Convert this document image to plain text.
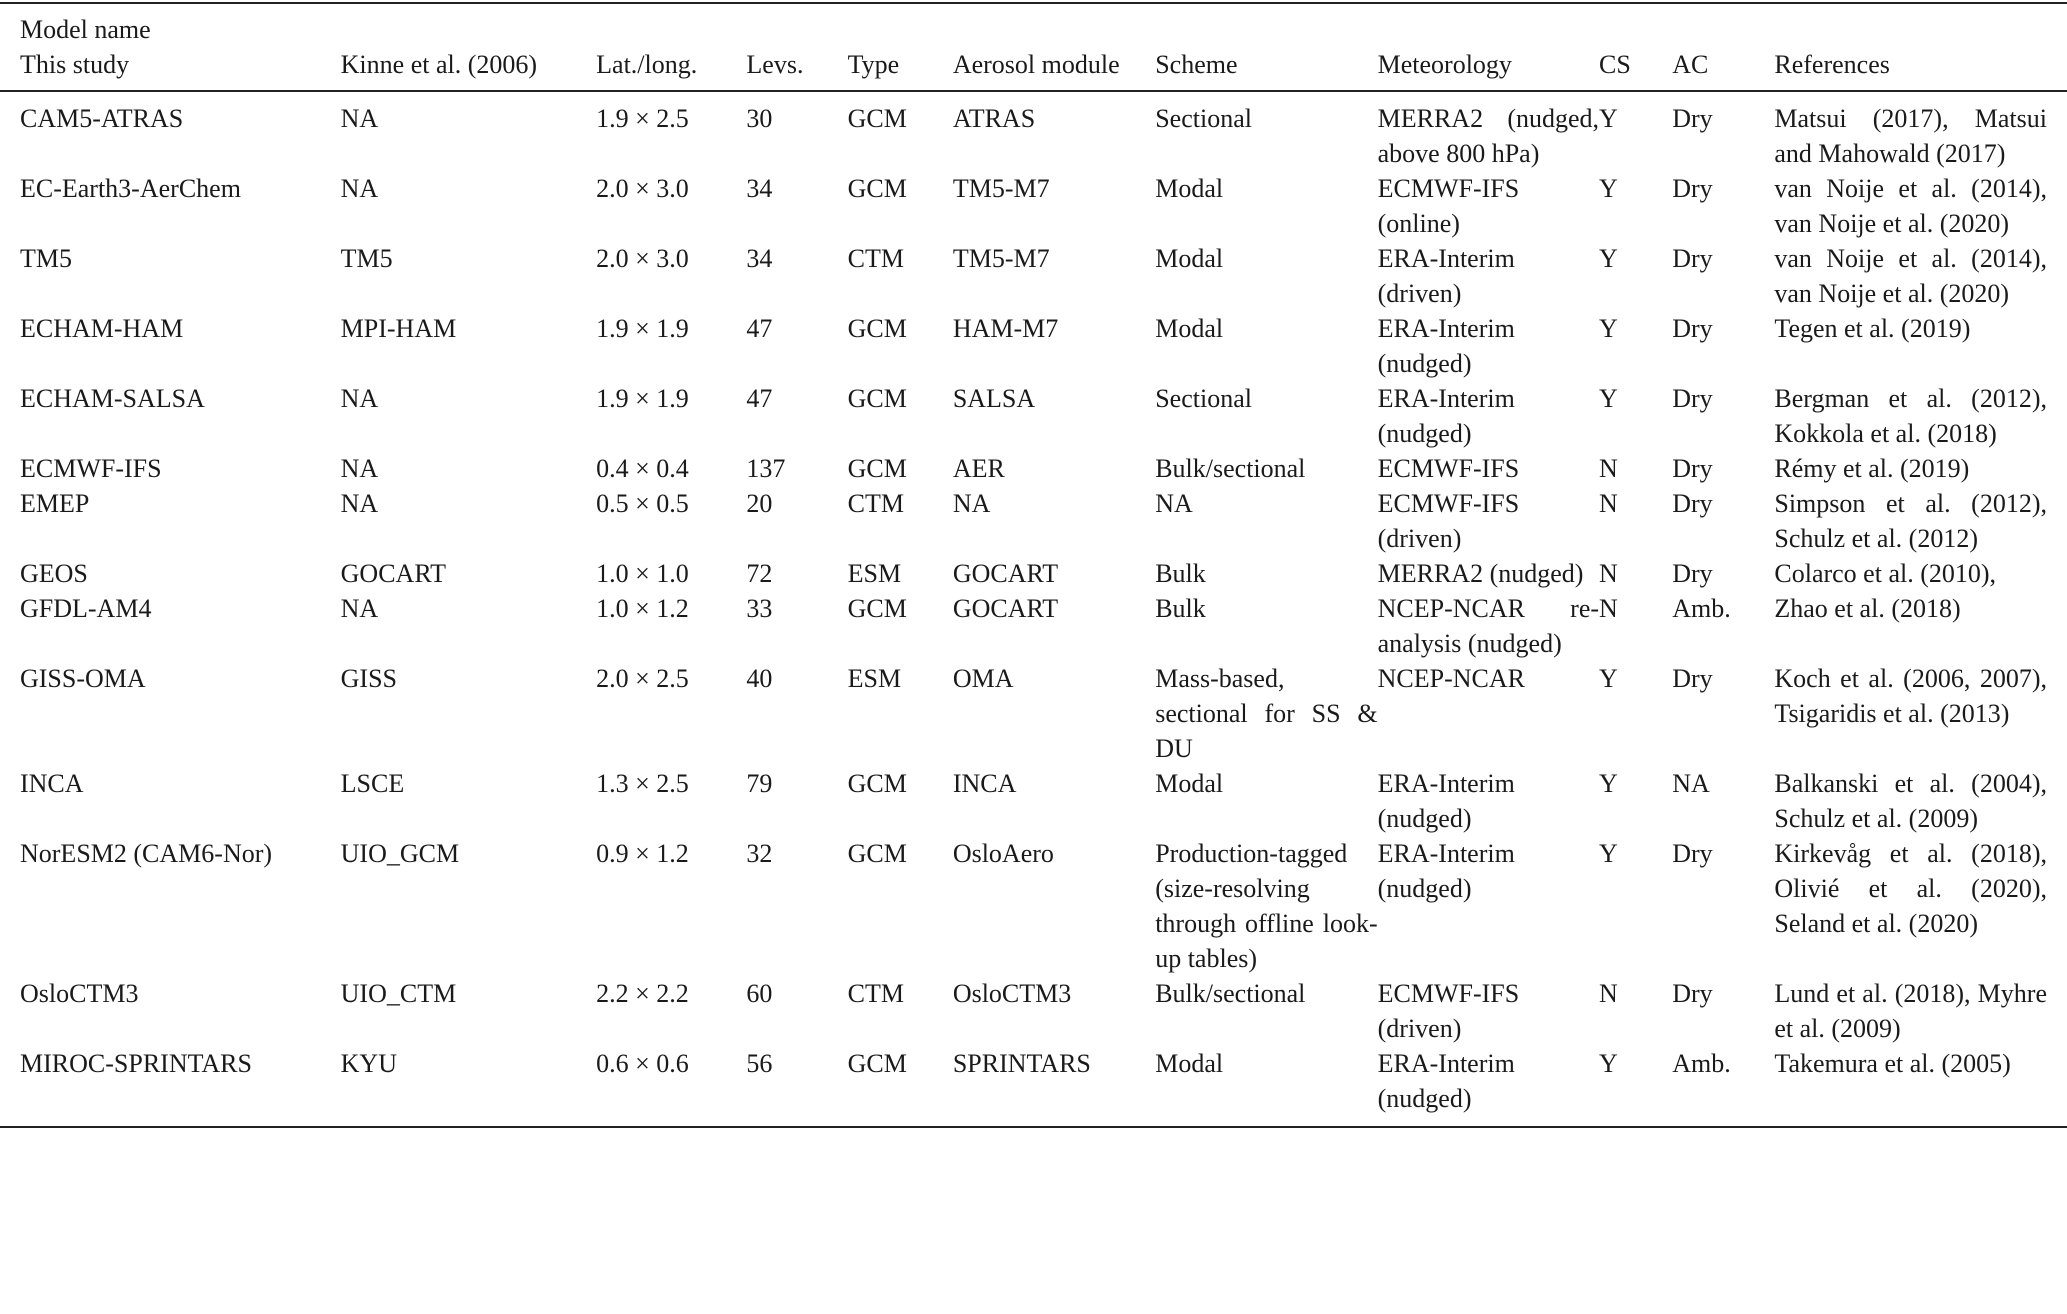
Model name
This study	Kinne et al. (2006)	Lat./long.	Levs.	Type	Aerosol module	Scheme	Meteorology	CS	AC	References
CAM5-ATRAS	NA	1.9 × 2.5	30	GCM	ATRAS	Sectional	MERRA2 (nudged, above 800 hPa)	Y	Dry	Matsui (2017), Matsui and Mahowald (2017)
EC-Earth3-AerChem	NA	2.0 × 3.0	34	GCM	TM5-M7	Modal	ECMWF-IFS (online)	Y	Dry	van Noije et al. (2014), van Noije et al. (2020)
TM5	TM5	2.0 × 3.0	34	CTM	TM5-M7	Modal	ERA-Interim (driven)	Y	Dry	van Noije et al. (2014), van Noije et al. (2020)
ECHAM-HAM	MPI-HAM	1.9 × 1.9	47	GCM	HAM-M7	Modal	ERA-Interim (nudged)	Y	Dry	Tegen et al. (2019)
ECHAM-SALSA	NA	1.9 × 1.9	47	GCM	SALSA	Sectional	ERA-Interim (nudged)	Y	Dry	Bergman et al. (2012), Kokkola et al. (2018)
ECMWF-IFS	NA	0.4 × 0.4	137	GCM	AER	Bulk/sectional	ECMWF-IFS	N	Dry	Rémy et al. (2019)
EMEP	NA	0.5 × 0.5	20	CTM	NA	NA	ECMWF-IFS (driven)	N	Dry	Simpson et al. (2012), Schulz et al. (2012)
GEOS	GOCART	1.0 × 1.0	72	ESM	GOCART	Bulk	MERRA2 (nudged)	N	Dry	Colarco et al. (2010),
GFDL-AM4	NA	1.0 × 1.2	33	GCM	GOCART	Bulk	NCEP-NCAR re-analysis (nudged)	N	Amb.	Zhao et al. (2018)
GISS-OMA	GISS	2.0 × 2.5	40	ESM	OMA	Mass-based, sectional for SS & DU	NCEP-NCAR	Y	Dry	Koch et al. (2006, 2007), Tsigaridis et al. (2013)
INCA	LSCE	1.3 × 2.5	79	GCM	INCA	Modal	ERA-Interim (nudged)	Y	NA	Balkanski et al. (2004), Schulz et al. (2009)
NorESM2 (CAM6-Nor)	UIO_GCM	0.9 × 1.2	32	GCM	OsloAero	Production-tagged (size-resolving through offline look-up tables)	ERA-Interim (nudged)	Y	Dry	Kirkevåg et al. (2018), Olivié et al. (2020), Seland et al. (2020)
OsloCTM3	UIO_CTM	2.2 × 2.2	60	CTM	OsloCTM3	Bulk/sectional	ECMWF-IFS (driven)	N	Dry	Lund et al. (2018), Myhre et al. (2009)
MIROC-SPRINTARS	KYU	0.6 × 0.6	56	GCM	SPRINTARS	Modal	ERA-Interim (nudged)	Y	Amb.	Takemura et al. (2005)
